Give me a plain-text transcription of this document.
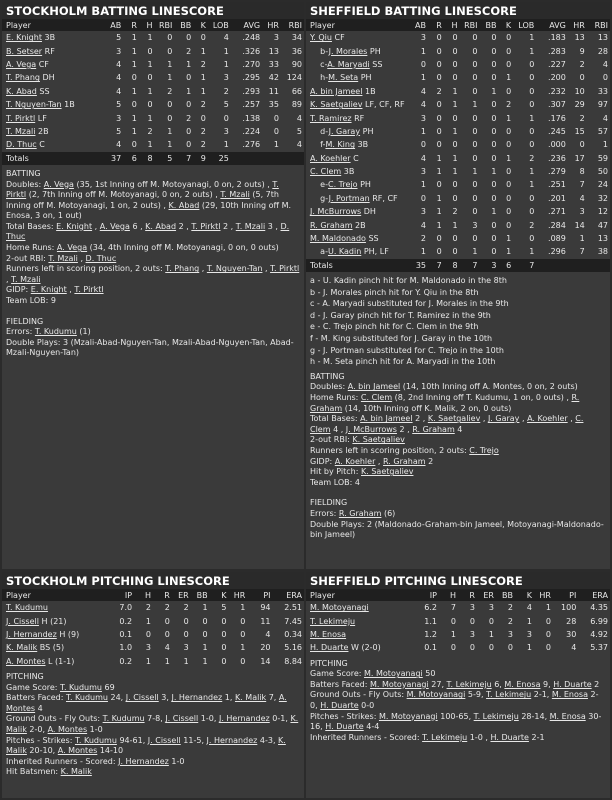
STOCKHOLM BATTING LINESCORE
Player	AB	R	H	RBI	BB	K	LOB	AVG	HR	RBI
E. Knight 3B	5	1	1	0	0	0	4	.248	3	34
B. Setser RF	3	1	0	0	2	1	1	.326	13	36
A. Vega CF	4	1	1	1	1	2	1	.270	33	90
T. Phang DH	4	0	0	1	0	1	3	.295	42	124
K. Abad SS	4	1	1	2	1	1	2	.293	11	66
T. Nguyen-Tan 1B	5	0	0	0	0	2	5	.257	35	89
T. Pirktl LF	3	1	1	0	2	0	0	.138	0	4
T. Mzali 2B	5	1	2	1	0	2	3	.224	0	5
D. Thuc C	4	0	1	1	0	2	1	.276	1	4
Totals	37	6	8	5	7	9	25			

BATTING

Doubles: A. Vega (35, 1st Inning off M. Motoyanagi, 0 on, 2 outs) , T. Pirktl (2, 7th Inning off M. Motoyanagi, 0 on, 2 outs) , T. Mzali (5, 7th Inning off M. Motoyanagi, 1 on, 2 outs) , K. Abad (29, 10th Inning off M. Enosa, 3 on, 1 out)

Total Bases: E. Knight , A. Vega 6 , K. Abad 2 , T. Pirktl 2 , T. Mzali 3 , D. Thuc

Home Runs: A. Vega (34, 4th Inning off M. Motoyanagi, 0 on, 0 outs)

2-out RBI: T. Mzali , D. Thuc

Runners left in scoring position, 2 outs: T. Phang , T. Nguyen-Tan , T. Pirktl , T. Mzali

GIDP: E. Knight , T. Pirktl

Team LOB: 9

FIELDING

Errors: T. Kudumu (1)

Double Plays: 3 (Mzali-Abad-Nguyen-Tan, Mzali-Abad-Nguyen-Tan, Abad-Mzali-Nguyen-Tan)

SHEFFIELD BATTING LINESCORE
Player	AB	R	H	RBI	BB	K	LOB	AVG	HR	RBI
Y. Qiu CF	3	0	0	0	0	0	1	.183	13	13
b-J. Morales PH	1	0	0	0	0	0	1	.283	9	28
c-A. Maryadi SS	0	0	0	0	0	0	0	.227	2	4
h-M. Seta PH	1	0	0	0	0	1	0	.200	0	0
A. bin Jameel 1B	4	2	1	0	1	0	0	.232	10	33
K. Saetgaliev LF, CF, RF	4	0	1	1	0	2	0	.307	29	97
T. Ramirez RF	3	0	0	0	0	1	1	.176	2	4
d-J. Garay PH	1	0	1	0	0	0	0	.245	15	57
f-M. King 3B	0	0	0	0	0	0	0	.000	0	1
A. Koehler C	4	1	1	0	0	1	2	.236	17	59
C. Clem 3B	3	1	1	1	1	0	1	.279	8	50
e-C. Trejo PH	1	0	0	0	0	0	1	.251	7	24
g-J. Portman RF, CF	0	1	0	0	0	0	0	.201	4	32
J. McBurrows DH	3	1	2	0	1	0	0	.271	3	12
R. Graham 2B	4	1	1	3	0	0	2	.284	14	47
M. Maldonado SS	2	0	0	0	0	1	0	.089	1	13
a-U. Kadin PH, LF	1	0	0	1	0	1	1	.296	7	38
Totals	35	7	8	7	3	6	7			

a - U. Kadin pinch hit for M. Maldonado in the 8th

b - J. Morales pinch hit for Y. Qiu in the 8th

c - A. Maryadi substituted for J. Morales in the 9th

d - J. Garay pinch hit for T. Ramirez in the 9th

e - C. Trejo pinch hit for C. Clem in the 9th

f - M. King substituted for J. Garay in the 10th

g - J. Portman substituted for C. Trejo in the 10th

h - M. Seta pinch hit for A. Maryadi in the 10th

BATTING

Doubles: A. bin Jameel (14, 10th Inning off A. Montes, 0 on, 2 outs)

Home Runs: C. Clem (8, 2nd Inning off T. Kudumu, 1 on, 0 outs) , R. Graham (14, 10th Inning off K. Malik, 2 on, 0 outs)

Total Bases: A. bin Jameel 2 , K. Saetgaliev , J. Garay , A. Koehler , C. Clem 4 , J. McBurrows 2 , R. Graham 4

2-out RBI: K. Saetgaliev

Runners left in scoring position, 2 outs: C. Trejo

GIDP: A. Koehler , R. Graham 2

Hit by Pitch: K. Saetgaliev

Team LOB: 4

FIELDING

Errors: R. Graham (6)

Double Plays: 2 (Maldonado-Graham-bin Jameel, Motoyanagi-Maldonado-bin Jameel)

STOCKHOLM PITCHING LINESCORE
Player	IP	H	R	ER	BB	K	HR	PI	ERA
T. Kudumu	7.0	2	2	2	1	5	1	94	2.51
J. Cissell H (21)	0.2	1	0	0	0	0	0	11	7.45
J. Hernandez H (9)	0.1	0	0	0	0	0	0	4	0.34
K. Malik BS (5)	1.0	3	4	3	1	0	1	20	5.16
A. Montes L (1-1)	0.2	1	1	1	1	0	0	14	8.84

PITCHING

Game Score: T. Kudumu 69

Batters Faced: T. Kudumu 24, J. Cissell 3, J. Hernandez 1, K. Malik 7, A. Montes 4

Ground Outs - Fly Outs: T. Kudumu 7-8, J. Cissell 1-0, J. Hernandez 0-1, K. Malik 2-0, A. Montes 1-0

Pitches - Strikes: T. Kudumu 94-61, J. Cissell 11-5, J. Hernandez 4-3, K. Malik 20-10, A. Montes 14-10

Inherited Runners - Scored: J. Hernandez 1-0

Hit Batsmen: K. Malik

SHEFFIELD PITCHING LINESCORE
Player	IP	H	R	ER	BB	K	HR	PI	ERA
M. Motoyanagi	6.2	7	3	3	2	4	1	100	4.35
T. Lekimeju	1.1	0	0	0	2	1	0	28	6.99
M. Enosa	1.2	1	3	1	3	3	0	30	4.92
H. Duarte W (2-0)	0.1	0	0	0	0	1	0	4	5.37

PITCHING

Game Score: M. Motoyanagi 50

Batters Faced: M. Motoyanagi 27, T. Lekimeju 6, M. Enosa 9, H. Duarte 2

Ground Outs - Fly Outs: M. Motoyanagi 5-9, T. Lekimeju 2-1, M. Enosa 2-0, H. Duarte 0-0

Pitches - Strikes: M. Motoyanagi 100-65, T. Lekimeju 28-14, M. Enosa 30-16, H. Duarte 4-4

Inherited Runners - Scored: T. Lekimeju 1-0 , H. Duarte 2-1
